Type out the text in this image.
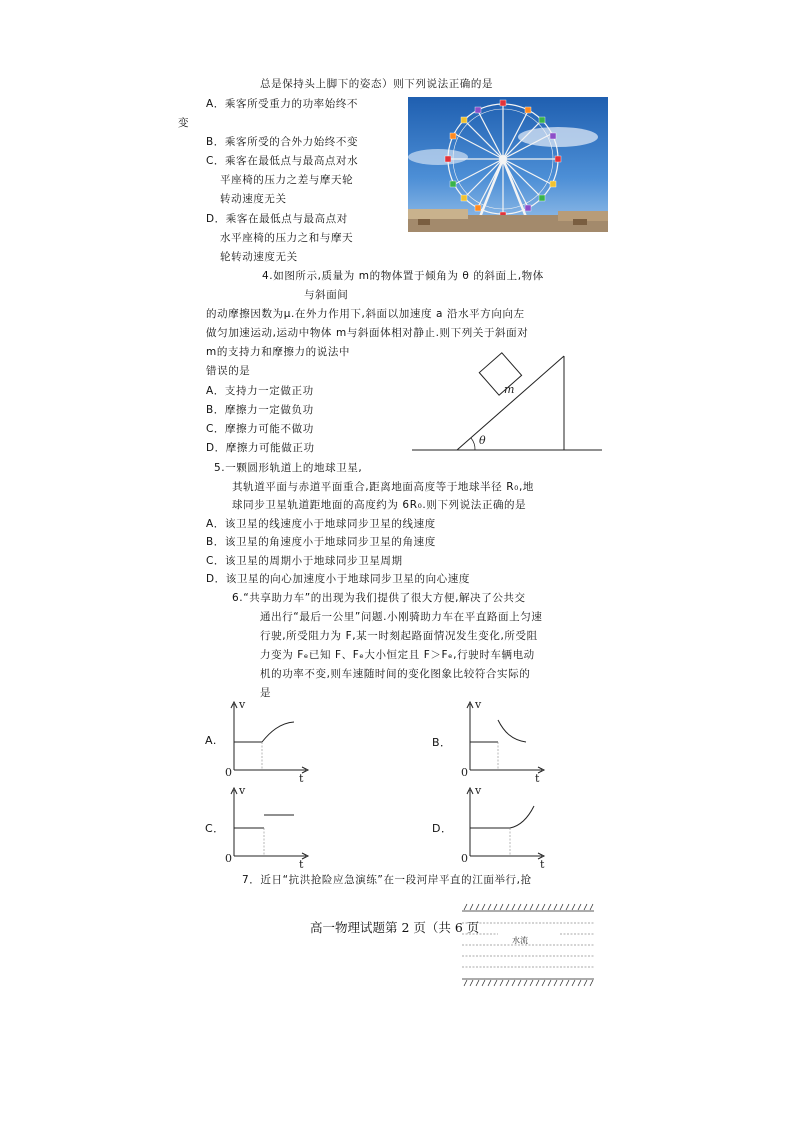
总是保持头上脚下的姿态）则下列说法正确的是
A．乘客所受重力的功率始终不
变
B．乘客所受的合外力始终不变
C．乘客在最低点与最高点对水
平座椅的压力之差与摩天轮
转动速度无关
D．乘客在最低点与最高点对
水平座椅的压力之和与摩天
轮转动速度无关
4.如图所示,质量为 m的物体置于倾角为 θ 的斜面上,物体
与斜面间
的动摩擦因数为μ.在外力作用下,斜面以加速度 a 沿水平方向向左
做匀加速运动,运动中物体 m与斜面体相对静止.则下列关于斜面对
m的支持力和摩擦力的说法中
错误的是
A．支持力一定做正功
B．摩擦力一定做负功
C．摩擦力可能不做功
D．摩擦力可能做正功
m
θ
5.一颗圆形轨道上的地球卫星,
其轨道平面与赤道平面重合,距离地面高度等于地球半径 R₀,地
球同步卫星轨道距地面的高度约为 6R₀.则下列说法正确的是
A．该卫星的线速度小于地球同步卫星的线速度
B．该卫星的角速度小于地球同步卫星的角速度
C．该卫星的周期小于地球同步卫星周期
D．该卫星的向心加速度小于地球同步卫星的向心速度
6.“共享助力车”的出现为我们提供了很大方便,解决了公共交
通出行“最后一公里”问题.小刚骑助力车在平直路面上匀速
行驶,所受阻力为 F,某一时刻起路面情况发生变化,所受阻
力变为 Fₑ已知 F、Fₑ大小恒定且 F＞Fₑ,行驶时车辆电动
机的功率不变,则车速随时间的变化图象比较符合实际的
是
A.
v
t
0
B．
v
t
0
C．
v
t
0
D．
v
t
0
7．近日“抗洪抢险应急演练”在一段河岸平直的江面举行,抢
高一物理试题第 2 页（共 6 页
水流
